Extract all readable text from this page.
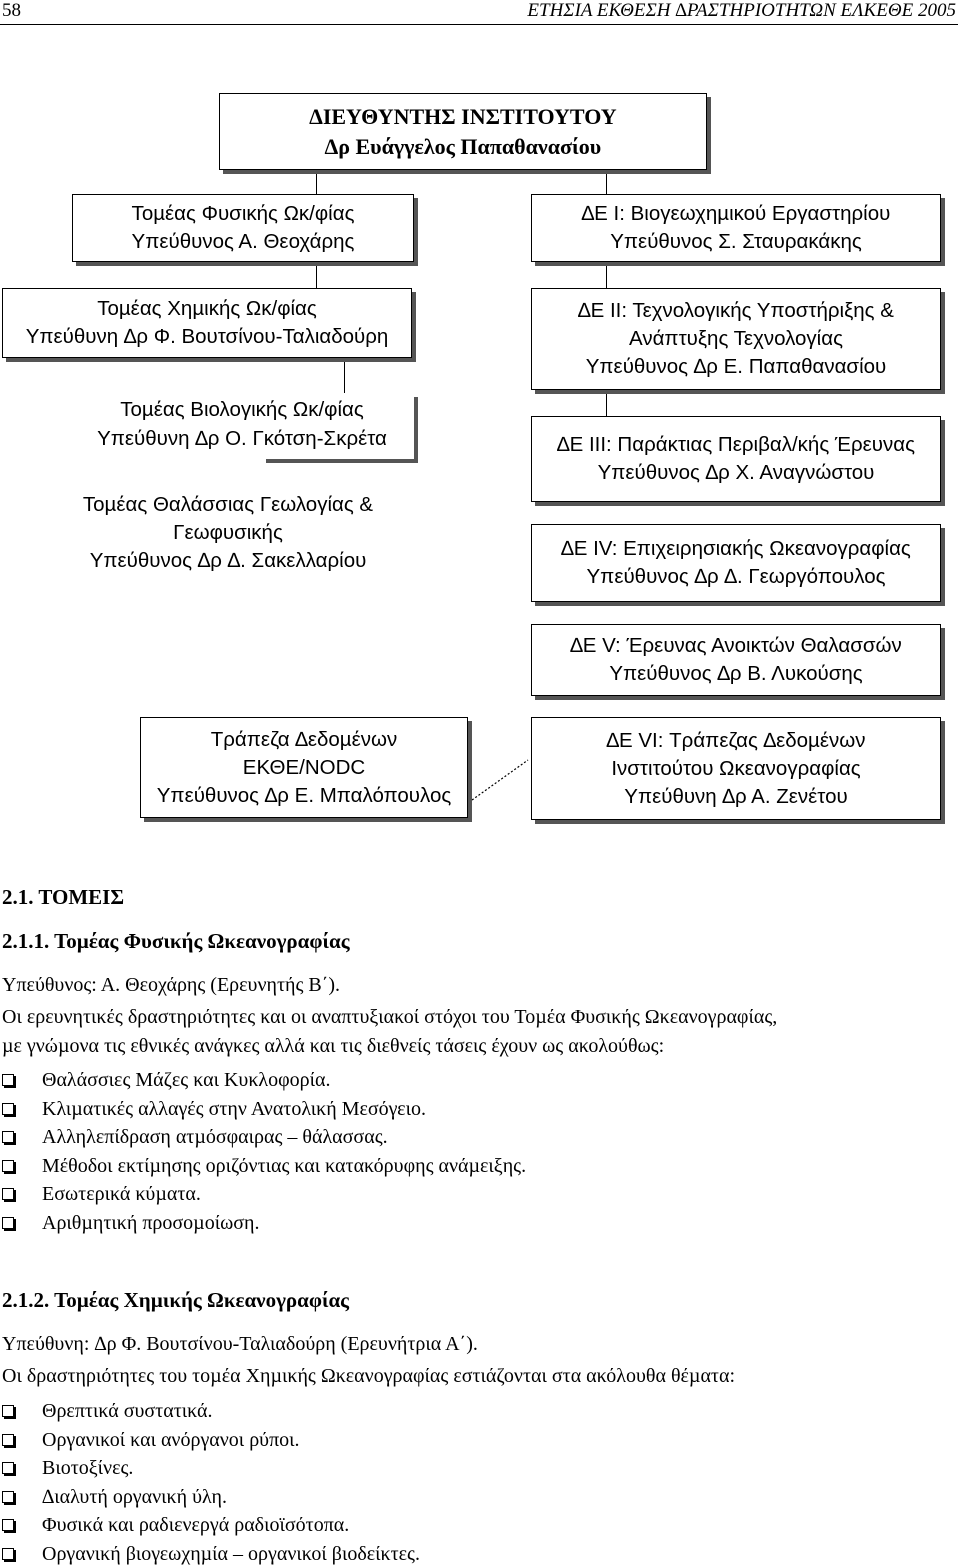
58	ΕΤΗΣΙΑ ΕΚΘΕΣΗ ∆ΡΑΣΤΗΡΙΟΤΗΤΩΝ ΕΛΚΕΘΕ 2005
∆ΙΕΥΘΥΝΤΗΣ ΙΝΣΤΙΤΟΥΤΟΥ
∆ρ Ευάγγελος Παπαθανασίου
Τοµέας Φυσικής Ωκ/φίας
Υπεύθυνος Α. Θεοχάρης
Τοµέας Χηµικής Ωκ/φίας
Υπεύθυνη ∆ρ Φ. Βουτσίνου-Ταλιαδούρη
Τοµέας Βιολογικής Ωκ/φίας
Υπεύθυνη ∆ρ Ο. Γκότση-Σκρέτα
Τοµέας Θαλάσσιας Γεωλογίας &
Γεωφυσικής
Υπεύθυνος ∆ρ ∆. Σακελλαρίου
Τράπεζα ∆εδοµένων
ΕΚΘΕ/NODC
Υπεύθυνος ∆ρ Ε. Μπαλόπουλος
∆Ε Ι: Βιογεωχηµικού Εργαστηρίου
Υπεύθυνος Σ. Σταυρακάκης
∆Ε ΙΙ: Τεχνολογικής Υποστήριξης &
Ανάπτυξης Τεχνολογίας
Υπεύθυνος ∆ρ Ε. Παπαθανασίου
∆Ε ΙΙΙ: Παράκτιας Περιβαλ/κής Έρευνας
Υπεύθυνος ∆ρ Χ. Αναγνώστου
∆Ε IV: Επιχειρησιακής Ωκεανογραφίας
Υπεύθυνος ∆ρ ∆. Γεωργόπουλος
∆Ε V: Έρευνας Ανοικτών Θαλασσών
Υπεύθυνος ∆ρ Β. Λυκούσης
∆Ε VI: Τράπεζας ∆εδοµένων
Ινστιτούτου Ωκεανογραφίας
Υπεύθυνη ∆ρ Α. Ζενέτου
2.1. ΤΟΜΕΙΣ
2.1.1. Τοµέας Φυσικής Ωκεανογραφίας
Υπεύθυνος: Α. Θεοχάρης (Ερευνητής Β΄).
Οι ερευνητικές δραστηριότητες και οι αναπτυξιακοί στόχοι του Τοµέα Φυσικής Ωκεανογραφίας,
µε γνώµονα τις εθνικές ανάγκες αλλά και τις διεθνείς τάσεις έχουν ως ακολούθως:
Θαλάσσιες Μάζες και Κυκλοφορία.
Κλιµατικές αλλαγές στην Ανατολική Μεσόγειο.
Αλληλεπίδραση ατµόσφαιρας – θάλασσας.
Μέθοδοι εκτίµησης οριζόντιας και κατακόρυφης ανάµειξης.
Εσωτερικά κύµατα.
Αριθµητική προσοµοίωση.
2.1.2. Τοµέας Χηµικής Ωκεανογραφίας
Υπεύθυνη: ∆ρ Φ. Βουτσίνου-Ταλιαδούρη (Ερευνήτρια Α΄).
Οι δραστηριότητες του τοµέα Χηµικής Ωκεανογραφίας εστιάζονται στα ακόλουθα θέµατα:
Θρεπτικά συστατικά.
Οργανικοί και ανόργανοι ρύποι.
Βιοτοξίνες.
∆ιαλυτή οργανική ύλη.
Φυσικά και ραδιενεργά ραδιοϊσότοπα.
Οργανική βιογεωχηµία – οργανικοί βιοδείκτες.
